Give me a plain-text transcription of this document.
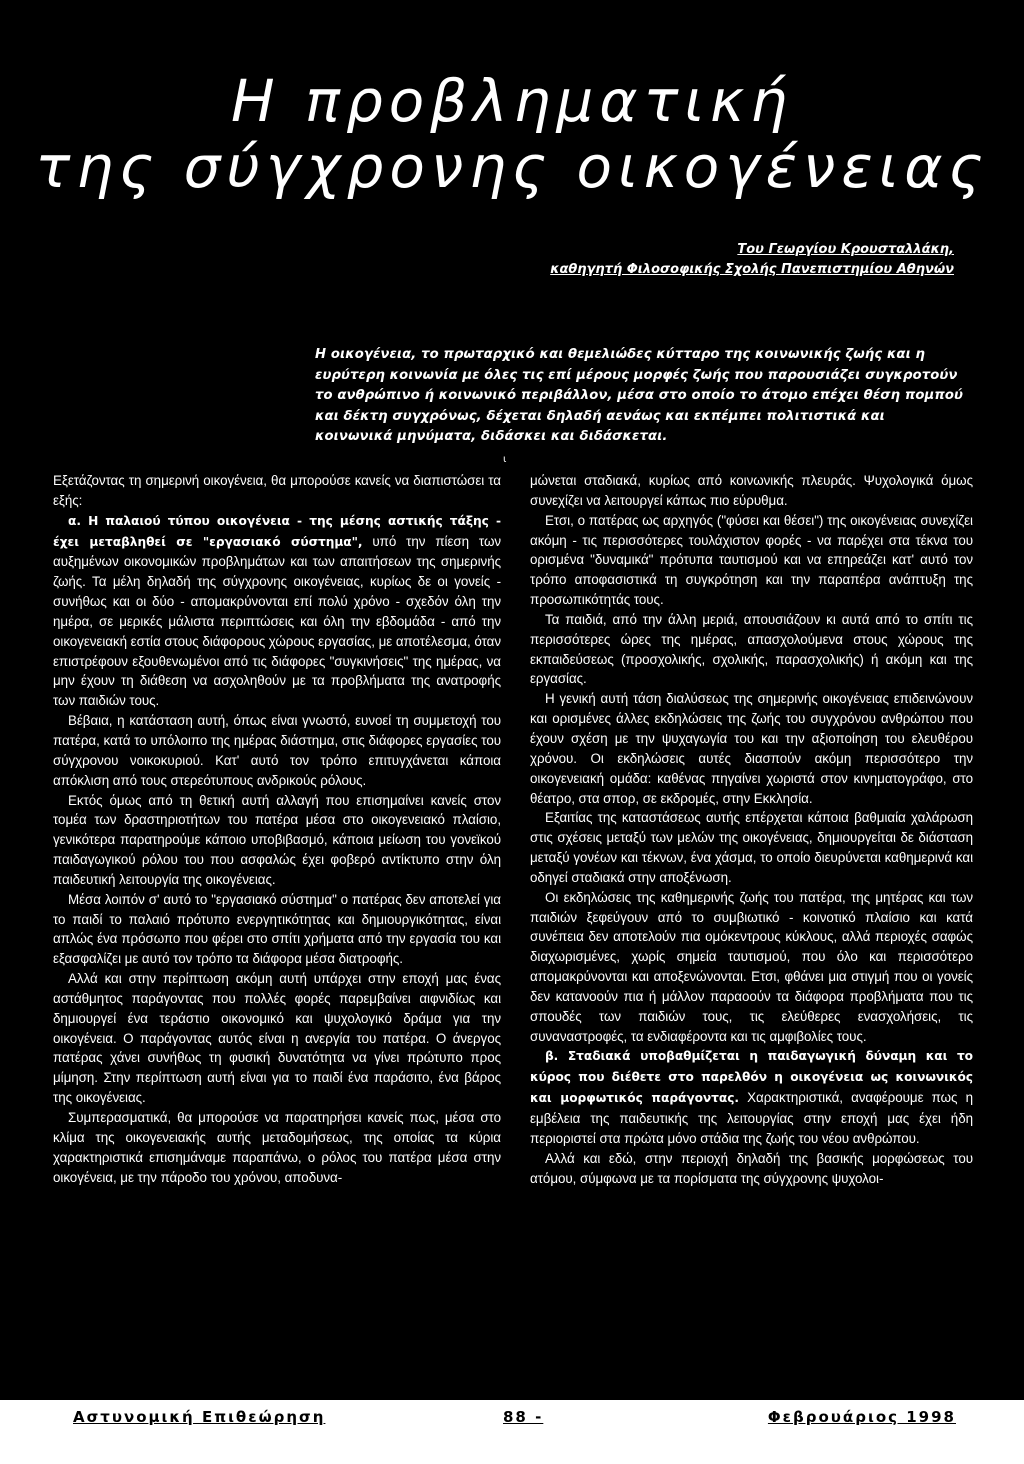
Η προβληματική
της σύγχρονης οικογένειας
Του Γεωργίου Κρουσταλλάκη,
καθηγητή Φιλοσοφικής Σχολής Πανεπιστημίου Αθηνών
Η οικογένεια, το πρωταρχικό και θεμελιώδες κύτταρο της κοινωνικής ζωής και η ευρύτερη κοινωνία με όλες τις επί μέρους μορφές ζωής που παρουσιάζει συγκροτούν το ανθρώπινο ή κοινωνικό περιβάλλον, μέσα στο οποίο το άτομο επέχει θέση πομπού και δέκτη συγχρόνως, δέχεται δηλαδή αενάως και εκπέμπει πολιτιστικά και κοινωνικά μηνύματα, διδάσκει και διδάσκεται.
ι

Εξετάζοντας τη σημερινή οικογένεια, θα μπορούσε κανείς να διαπιστώσει τα εξής:

α. Η παλαιού τύπου οικογένεια - της μέσης αστικής τάξης - έχει μεταβληθεί σε "εργασιακό σύστημα", υπό την πίεση των αυξημένων οικονομικών προβλημάτων και των απαιτήσεων της σημερινής ζωής. Τα μέλη δηλαδή της σύγχρονης οικογένειας, κυρίως δε οι γονείς - συνήθως και οι δύο - απομακρύνονται επί πολύ χρόνο - σχεδόν όλη την ημέρα, σε μερικές μάλιστα περιπτώσεις και όλη την εβδομάδα - από την οικογενειακή εστία στους διάφορους χώρους εργασίας, με αποτέλεσμα, όταν επιστρέφουν εξουθενωμένοι από τις διάφορες "συγκινήσεις" της ημέρας, να μην έχουν τη διάθεση να ασχοληθούν με τα προβλήματα της ανατροφής των παιδιών τους.

Βέβαια, η κατάσταση αυτή, όπως είναι γνωστό, ευνοεί τη συμμετοχή του πατέρα, κατά το υπόλοιπο της ημέρας διάστημα, στις διάφορες εργασίες του σύγχρονου νοικοκυριού. Κατ' αυτό τον τρόπο επιτυγχάνεται κάποια απόκλιση από τους στερεότυπους ανδρικούς ρόλους.

Εκτός όμως από τη θετική αυτή αλλαγή που επισημαίνει κανείς στον τομέα των δραστηριοτήτων του πατέρα μέσα στο οικογενειακό πλαίσιο, γενικότερα παρατηρούμε κάποιο υποβιβασμό, κάποια μείωση του γονεϊκού παιδαγωγικού ρόλου του που ασφαλώς έχει φοβερό αντίκτυπο στην όλη παιδευτική λειτουργία της οικογένειας.

Μέσα λοιπόν σ' αυτό το "εργασιακό σύστημα" ο πατέρας δεν αποτελεί για το παιδί το παλαιό πρότυπο ενεργητικότητας και δημιουργικότητας, είναι απλώς ένα πρόσωπο που φέρει στο σπίτι χρήματα από την εργασία του και εξασφαλίζει με αυτό τον τρόπο τα διάφορα μέσα διατροφής.

Αλλά και στην περίπτωση ακόμη αυτή υπάρχει στην εποχή μας ένας αστάθμητος παράγοντας που πολλές φορές παρεμβαίνει αιφνιδίως και δημιουργεί ένα τεράστιο οικονομικό και ψυχολογικό δράμα για την οικογένεια. Ο παράγοντας αυτός είναι η ανεργία του πατέρα. Ο άνεργος πατέρας χάνει συνήθως τη φυσική δυνατότητα να γίνει πρώτυπο προς μίμηση. Στην περίπτωση αυτή είναι για το παιδί ένα παράσιτο, ένα βάρος της οικογένειας.

Συμπερασματικά, θα μπορούσε να παρατηρήσει κανείς πως, μέσα στο κλίμα της οικογενειακής αυτής μεταδομήσεως, της οποίας τα κύρια χαρακτηριστικά επισημάναμε παραπάνω, ο ρόλος του πατέρα μέσα στην οικογένεια, με την πάροδο του χρόνου, αποδυνα-

μώνεται σταδιακά, κυρίως από κοινωνικής πλευράς. Ψυχολογικά όμως συνεχίζει να λειτουργεί κάπως πιο εύρυθμα.

Ετσι, ο πατέρας ως αρχηγός ("φύσει και θέσει") της οικογένειας συνεχίζει ακόμη - τις περισσότερες τουλάχιστον φορές - να παρέχει στα τέκνα του ορισμένα "δυναμικά" πρότυπα ταυτισμού και να επηρεάζει κατ' αυτό τον τρόπο αποφασιστικά τη συγκρότηση και την παραπέρα ανάπτυξη της προσωπικότητάς τους.

Τα παιδιά, από την άλλη μεριά, απουσιάζουν κι αυτά από το σπίτι τις περισσότερες ώρες της ημέρας, απασχολούμενα στους χώρους της εκπαιδεύσεως (προσχολικής, σχολικής, παρασχολικής) ή ακόμη και της εργασίας.

Η γενική αυτή τάση διαλύσεως της σημερινής οικογένειας επιδεινώνουν και ορισμένες άλλες εκδηλώσεις της ζωής του συγχρόνου ανθρώπου που έχουν σχέση με την ψυχαγωγία του και την αξιοποίηση του ελευθέρου χρόνου. Οι εκδηλώσεις αυτές διασπούν ακόμη περισσότερο την οικογενειακή ομάδα: καθένας πηγαίνει χωριστά στον κινηματογράφο, στο θέατρο, στα σπορ, σε εκδρομές, στην Εκκλησία.

Εξαιτίας της καταστάσεως αυτής επέρχεται κάποια βαθμιαία χαλάρωση στις σχέσεις μεταξύ των μελών της οικογένειας, δημιουργείται δε διάσταση μεταξύ γονέων και τέκνων, ένα χάσμα, το οποίο διευρύνεται καθημερινά και οδηγεί σταδιακά στην αποξένωση.

Οι εκδηλώσεις της καθημερινής ζωής του πατέρα, της μητέρας και των παιδιών ξεφεύγουν από το συμβιωτικό - κοινοτικό πλαίσιο και κατά συνέπεια δεν αποτελούν πια ομόκεντρους κύκλους, αλλά περιοχές σαφώς διαχωρισμένες, χωρίς σημεία ταυτισμού, που όλο και περισσότερο απομακρύνονται και αποξενώνονται. Ετσι, φθάνει μια στιγμή που οι γονείς δεν κατανοούν πια ή μάλλον παραοούν τα διάφορα προβλήματα που τις σπουδές των παιδιών τους, τις ελεύθερες ενασχολήσεις, τις συναναστροφές, τα ενδιαφέροντα και τις αμφιβολίες τους.

β. Σταδιακά υποβαθμίζεται η παιδαγωγική δύναμη και το κύρος που διέθετε στο παρελθόν η οικογένεια ως κοινωνικός και μορφωτικός παράγοντας. Χαρακτηριστικά, αναφέρουμε πως η εμβέλεια της παιδευτικής της λειτουργίας στην εποχή μας έχει ήδη περιοριστεί στα πρώτα μόνο στάδια της ζωής του νέου ανθρώπου.

Αλλά και εδώ, στην περιοχή δηλαδή της βασικής μορφώσεως του ατόμου, σύμφωνα με τα πορίσματα της σύγχρονης ψυχολοι-

Αστυνομική Επιθεώρηση	88 -	Φεβρουάριος 1998
